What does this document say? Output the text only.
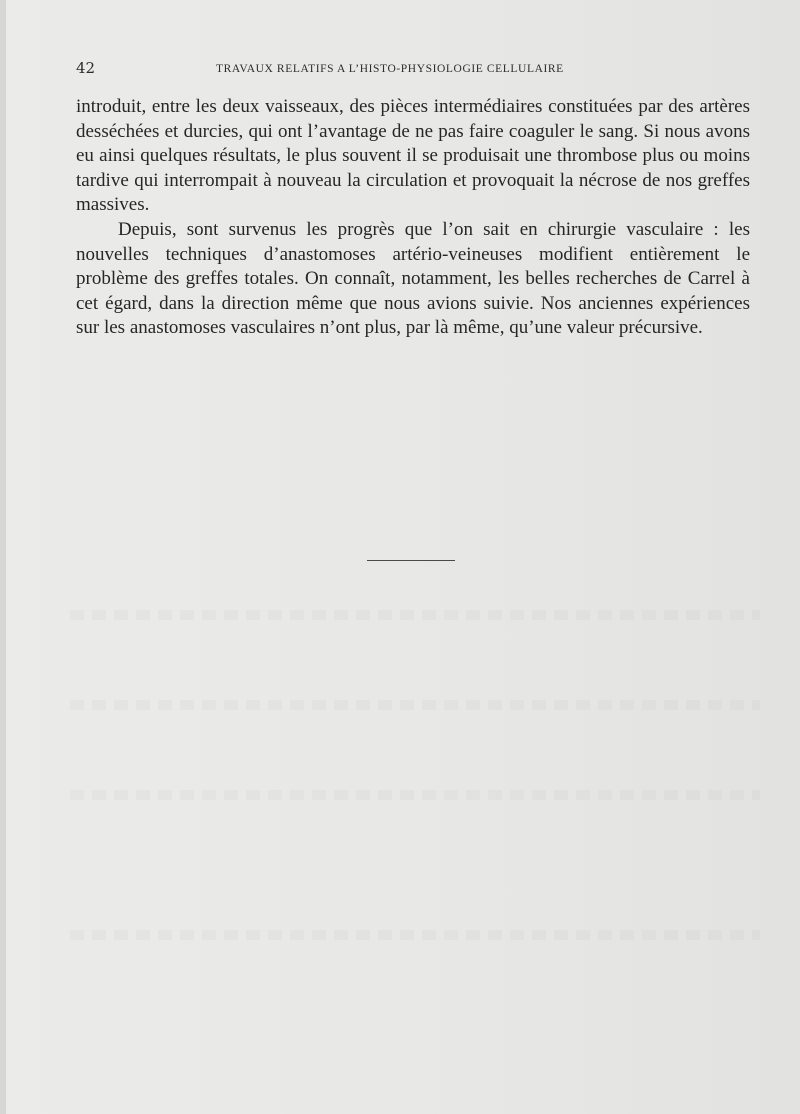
42	TRAVAUX RELATIFS A L’HISTO-PHYSIOLOGIE CELLULAIRE

introduit, entre les deux vaisseaux, des pièces intermédiaires constituées par des artères desséchées et durcies, qui ont l’avantage de ne pas faire coaguler le sang. Si nous avons eu ainsi quelques résultats, le plus souvent il se produisait une thrombose plus ou moins tardive qui interrompait à nouveau la circulation et provoquait la nécrose de nos greffes massives.

Depuis, sont survenus les progrès que l’on sait en chirurgie vasculaire : les nouvelles techniques d’anastomoses artério-veineuses modifient entièrement le problème des greffes totales. On connaît, notamment, les belles recherches de Carrel à cet égard, dans la direction même que nous avions suivie. Nos anciennes expériences sur les anastomoses vasculaires n’ont plus, par là même, qu’une valeur précursive.
